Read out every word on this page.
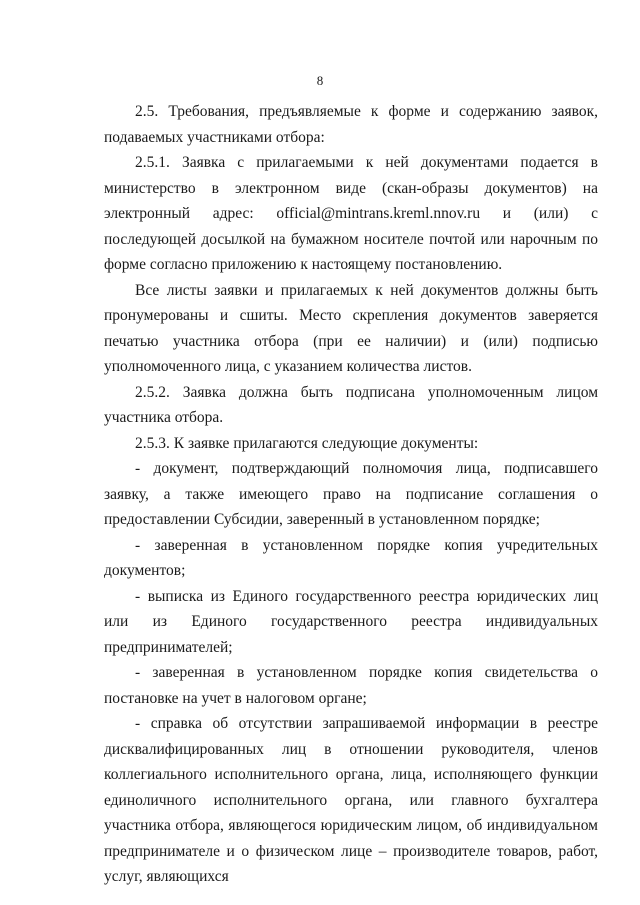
8

2.5. Требования, предъявляемые к форме и содержанию заявок, подаваемых участниками отбора:

2.5.1. Заявка с прилагаемыми к ней документами подается в министерство в электронном виде (скан-образы документов) на электронный адрес: official@mintrans.kreml.nnov.ru и (или) с последующей досылкой на бумажном носителе почтой или нарочным по форме согласно приложению к настоящему постановлению.

Все листы заявки и прилагаемых к ней документов должны быть пронумерованы и сшиты. Место скрепления документов заверяется печатью участника отбора (при ее наличии) и (или) подписью уполномоченного лица, с указанием количества листов.

2.5.2. Заявка должна быть подписана уполномоченным лицом участника отбора.

2.5.3. К заявке прилагаются следующие документы:

- документ, подтверждающий полномочия лица, подписавшего заявку, а также имеющего право на подписание соглашения о предоставлении Субсидии, заверенный в установленном порядке;

- заверенная в установленном порядке копия учредительных документов;

- выписка из Единого государственного реестра юридических лиц или из Единого государственного реестра индивидуальных предпринимателей;

- заверенная в установленном порядке копия свидетельства о постановке на учет в налоговом органе;

- справка об отсутствии запрашиваемой информации в реестре дисквалифицированных лиц в отношении руководителя, членов коллегиального исполнительного органа, лица, исполняющего функции единоличного исполнительного органа, или главного бухгалтера участника отбора, являющегося юридическим лицом, об индивидуальном предпринимателе и о физическом лице – производителе товаров, работ, услуг, являющихся
